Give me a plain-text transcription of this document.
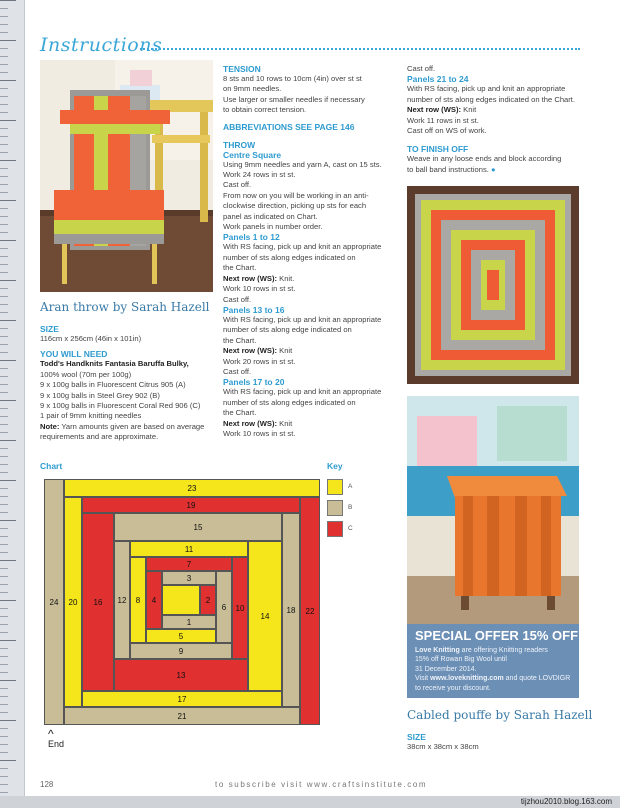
Instructions
Aran throw by Sarah Hazell
SIZE
116cm x 256cm (46in x 101in)
YOU WILL NEED
Todd's Handknits Fantasia Baruffa Bulky,
100% wool (70m per 100g)
9 x 100g balls in Fluorescent Citrus 905 (A)
9 x 100g balls in Steel Grey 902 (B)
9 x 100g balls in Fluorescent Coral Red 906 (C)
1 pair of 9mm knitting needles
Note: Yarn amounts given are based on average requirements and are approximate.
TENSION
8 sts and 10 rows to 10cm (4in) over st st
on 9mm needles.
Use larger or smaller needles if necessary
to obtain correct tension.
ABBREVIATIONS SEE PAGE 146
THROW
Centre Square
Using 9mm needles and yarn A, cast on 15 sts.
Work 24 rows in st st.
Cast off.
From now on you will be working in an anti-
clockwise direction, picking up sts for each
panel as indicated on Chart.
Work panels in number order.
Panels 1 to 12
With RS facing, pick up and knit an appropriate
number of sts along edges indicated on
the Chart.
Next row (WS): Knit.
Work 10 rows in st st.
Cast off.
Panels 13 to 16
With RS facing, pick up and knit an appropriate
number of sts along edge indicated on
the Chart.
Next row (WS): Knit
Work 20 rows in st st.
Cast off.
Panels 17 to 20
With RS facing, pick up and knit an appropriate
number of sts along edges indicated on
the Chart.
Next row (WS): Knit
Work 10 rows in st st.
Cast off.
Panels 21 to 24
With RS facing, pick up and knit an appropriate
number of sts along edges indicated on the Chart.
Next row (WS): Knit
Work 11 rows in st st.
Cast off on WS of work.
TO FINISH OFF
Weave in any loose ends and block according
to ball band instructions. ●
SPECIAL OFFER 15% OFF
Love Knitting are offering Knitting readers
15% off Rowan Big Wool until
31 December 2014.
Visit www.loveknitting.com and quote LOVDIGR to receive your discount.
Cabled pouffe by Sarah Hazell
SIZE
38cm x 38cm x 38cm
Chart	Key
A
B
C
24
23
22
21
20
19
18
17
16
15
14
13
12
11
10
9
8
7
6
5
4
3
2
1
^
End
128	to subscribe visit www.craftsinstitute.com
tijzhou2010.blog.163.com
